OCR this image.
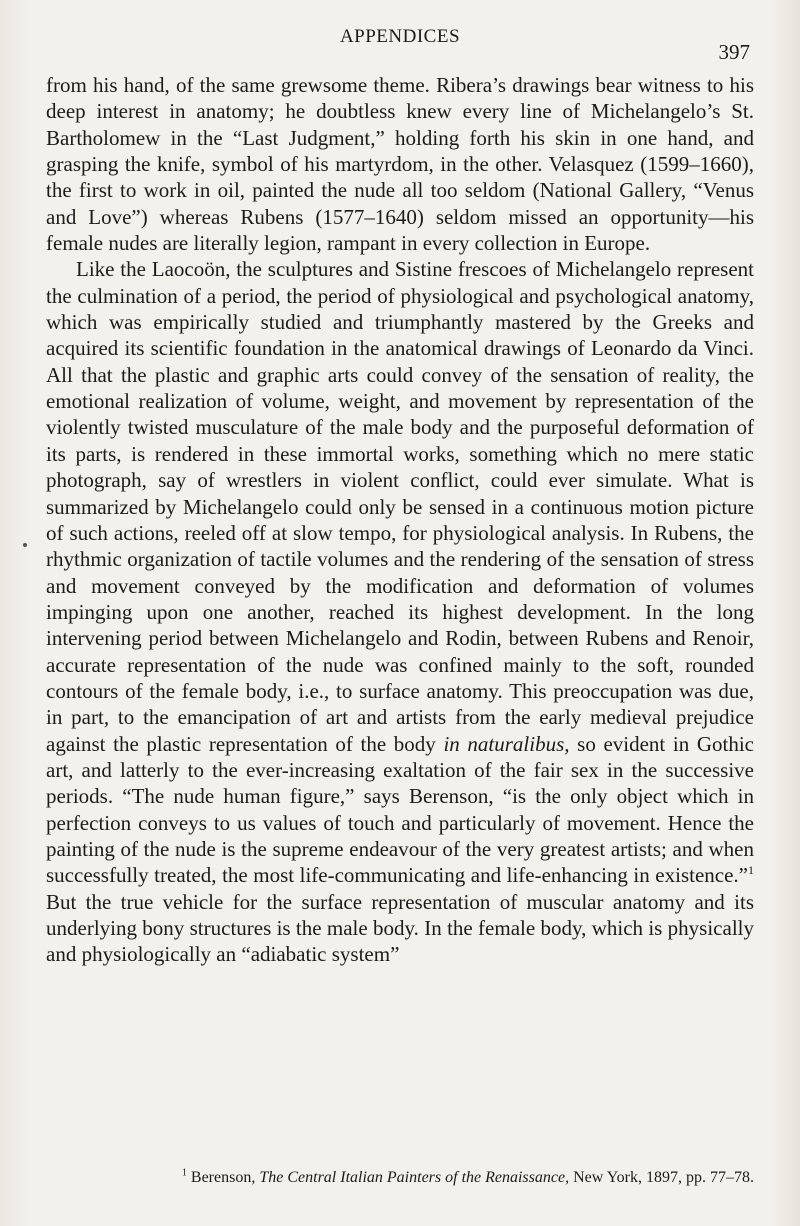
APPENDICES
397

from his hand, of the same grewsome theme. Ribera’s drawings bear witness to his deep interest in anatomy; he doubtless knew every line of Michelangelo’s St. Bartholomew in the “Last Judgment,” holding forth his skin in one hand, and grasping the knife, symbol of his martyrdom, in the other. Velasquez (1599–1660), the first to work in oil, painted the nude all too seldom (National Gallery, “Venus and Love”) whereas Rubens (1577–1640) seldom missed an opportunity—his female nudes are literally legion, rampant in every collection in Europe.

Like the Laocoön, the sculptures and Sistine frescoes of Michelangelo represent the culmination of a period, the period of physiological and psychological anatomy, which was empirically studied and triumphantly mastered by the Greeks and acquired its scientific foundation in the anatomical drawings of Leonardo da Vinci. All that the plastic and graphic arts could convey of the sensation of reality, the emotional realization of volume, weight, and movement by representation of the violently twisted musculature of the male body and the purposeful deformation of its parts, is rendered in these immortal works, something which no mere static photograph, say of wrestlers in violent conflict, could ever simulate. What is summarized by Michelangelo could only be sensed in a continuous motion picture of such actions, reeled off at slow tempo, for physiological analysis. In Rubens, the rhythmic organization of tactile volumes and the rendering of the sensation of stress and movement conveyed by the modification and deformation of volumes impinging upon one another, reached its highest development. In the long intervening period between Michelangelo and Rodin, between Rubens and Renoir, accurate representation of the nude was confined mainly to the soft, rounded contours of the female body, i.e., to surface anatomy. This preoccupation was due, in part, to the emancipation of art and artists from the early medieval prejudice against the plastic representation of the body in naturalibus, so evident in Gothic art, and latterly to the ever-increasing exaltation of the fair sex in the successive periods. “The nude human figure,” says Berenson, “is the only object which in perfection conveys to us values of touch and particularly of movement. Hence the painting of the nude is the supreme endeavour of the very greatest artists; and when successfully treated, the most life-communicating and life-enhancing in existence.”$^1$ But the true vehicle for the surface representation of muscular anatomy and its underlying bony structures is the male body. In the female body, which is physically and physiologically an “adiabatic system”

$^1$ Berenson, The Central Italian Painters of the Renaissance, New York, 1897, pp. 77–78.
